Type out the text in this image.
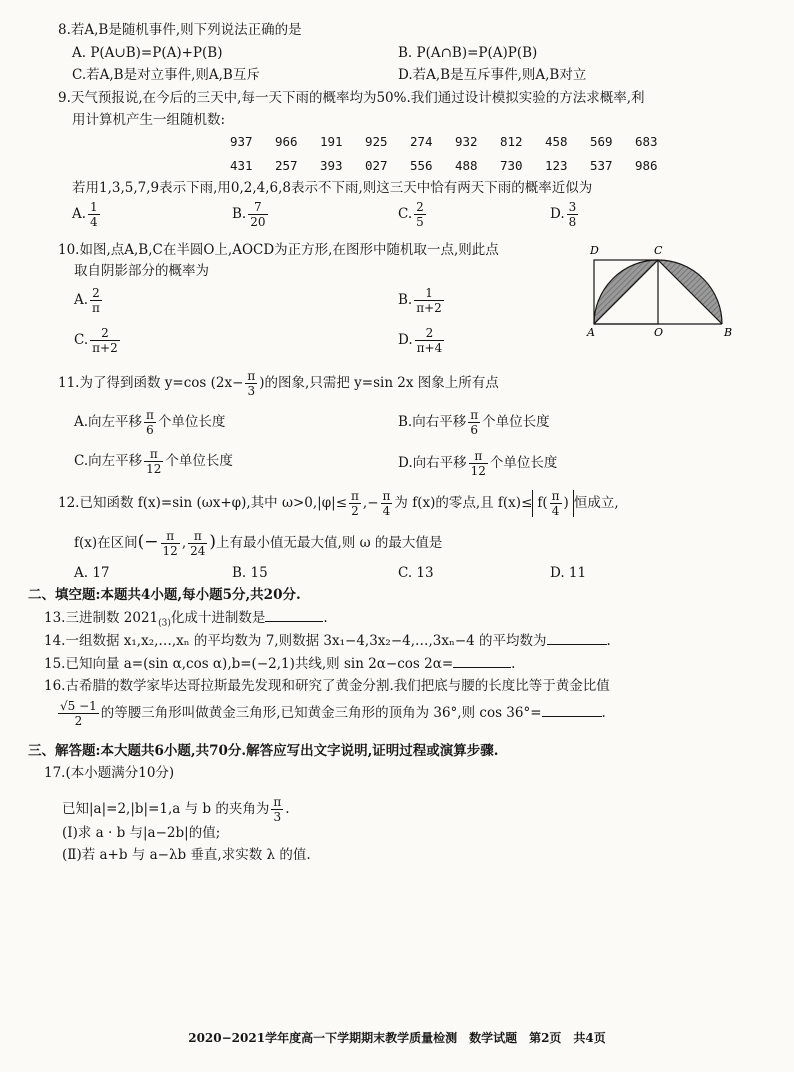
8.若A,B是随机事件,则下列说法正确的是
A. P(A∪B)=P(A)+P(B)	B. P(A∩B)=P(A)P(B)
C.若A,B是对立事件,则A,B互斥	D.若A,B是互斥事件,则A,B对立
9.天气预报说,在今后的三天中,每一天下雨的概率均为50%.我们通过设计模拟实验的方法求概率,利
用计算机产生一组随机数:
937 966 191 925 274 932 812 458 569 683
431 257 393 027 556 488 730 123 537 986
若用1,3,5,7,9表示下雨,用0,2,4,6,8表示不下雨,则这三天中恰有两天下雨的概率近似为
A. $\frac{1}{4}$	B. $\frac{7}{20}$	C. $\frac{2}{5}$	D. $\frac{3}{8}$
10.如图,点A,B,C在半圆O上,AOCD为正方形,在图形中随机取一点,则此点
取自阴影部分的概率为
A. $\frac{2}{\pi}$	B. $\frac{1}{\pi+2}$
C. $\frac{2}{\pi+2}$	D. $\frac{2}{\pi+4}$
D	C
A	O	B
11.为了得到函数 y=cos ($2x- \frac{\pi}{3}$ )的图象,只需把 y=sin 2x 图象上所有点
A.向左平移 $\frac{\pi}{6}$ 个单位长度	B.向右平移 $\frac{\pi}{6}$ 个单位长度
C.向左平移 $\frac{\pi}{12}$ 个单位长度	D.向右平移 $\frac{\pi}{12}$ 个单位长度
12.已知函数 f(x)=sin (ωx+φ),其中 $\omega>0,|\varphi|\le \frac{\pi}{2}$ ,− $\frac{\pi}{4}$ 为 f(x)的零点,且 $f(x)\le f( \frac{\pi}{4}$ ) 恒成立,
f(x)在区间(− $\frac{\pi}{12}$ , $\frac{\pi}{24}$ )上有最小值无最大值,则 ω 的最大值是
A. 17	B. 15	C. 13	D. 11
二、填空题:本题共4小题,每小题5分,共20分.
13.三进制数 $2021_{(3)}$化成十进制数是	.
14.一组数据 x₁,x₂,…,xₙ 的平均数为 7,则数据 3x₁−4,3x₂−4,…,3xₙ−4 的平均数为	.
15.已知向量 a=(sin α,cos α),b=(−2,1)共线,则 sin 2α−cos 2α=	.
16.古希腊的数学家毕达哥拉斯最先发现和研究了黄金分割.我们把底与腰的长度比等于黄金比值
$\frac{√5 -1}{2}$ 的等腰三角形叫做黄金三角形,已知黄金三角形的顶角为 36°,则 cos 36°=	.
三、解答题:本大题共6小题,共70分.解答应写出文字说明,证明过程或演算步骤.
17.(本小题满分10分)
已知|a|=2,|b|=1,a 与 b 的夹角为 $\frac{\pi}{3}$ .
(Ⅰ)求 a · b 与|a−2b|的值;
(Ⅱ)若 a+b 与 a−λb 垂直,求实数 λ 的值.
2020−2021学年度高一下学期期末教学质量检测　数学试题　第2页　共4页
